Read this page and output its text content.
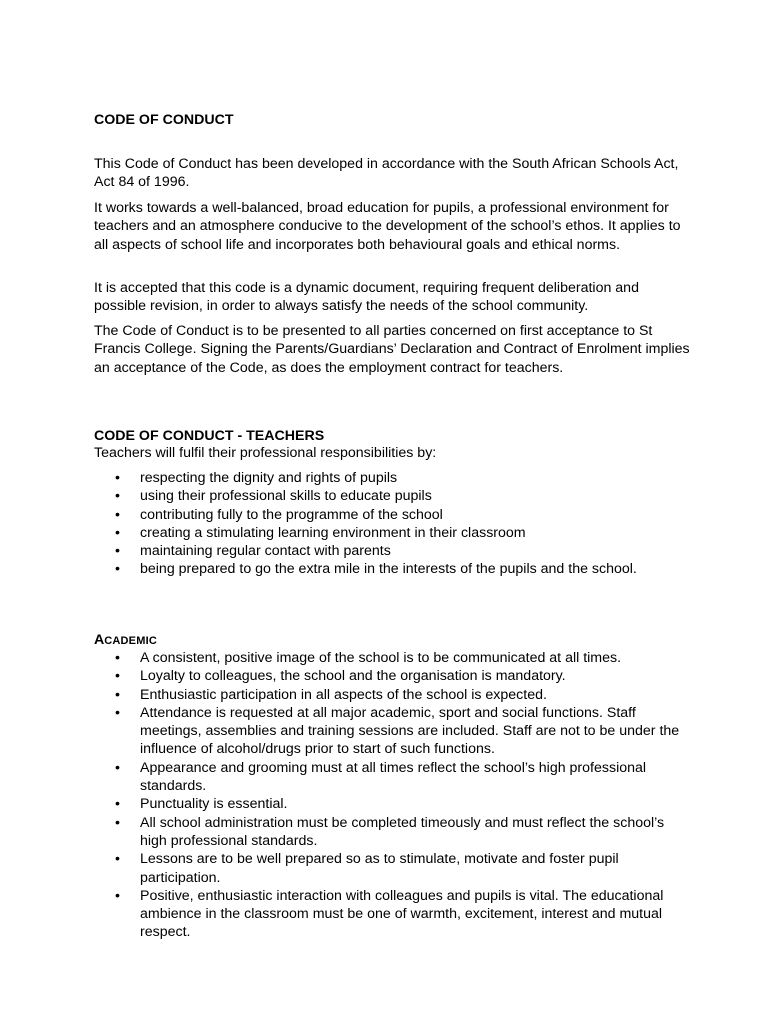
CODE OF CONDUCT

This Code of Conduct has been developed in accordance with the South African Schools Act, Act 84 of 1996.

It works towards a well-balanced, broad education for pupils, a professional environment for teachers and an atmosphere conducive to the development of the school’s ethos. It applies to all aspects of school life and incorporates both behavioural goals and ethical norms.

It is accepted that this code is a dynamic document, requiring frequent deliberation and possible revision, in order to always satisfy the needs of the school community.

The Code of Conduct is to be presented to all parties concerned on first acceptance to St Francis College. Signing the Parents/Guardians’ Declaration and Contract of Enrolment implies an acceptance of the Code, as does the employment contract for teachers.

CODE OF CONDUCT - TEACHERS
Teachers will fulfil their professional responsibilities by:
• respecting the dignity and rights of pupils
• using their professional skills to educate pupils
• contributing fully to the programme of the school
• creating a stimulating learning environment in their classroom
• maintaining regular contact with parents
• being prepared to go the extra mile in the interests of the pupils and the school.
ACADEMIC
• A consistent, positive image of the school is to be communicated at all times.
• Loyalty to colleagues, the school and the organisation is mandatory.
• Enthusiastic participation in all aspects of the school is expected.
• Attendance is requested at all major academic, sport and social functions. Staff meetings, assemblies and training sessions are included. Staff are not to be under the influence of alcohol/drugs prior to start of such functions.
• Appearance and grooming must at all times reflect the school’s high professional standards.
• Punctuality is essential.
• All school administration must be completed timeously and must reflect the school’s high professional standards.
• Lessons are to be well prepared so as to stimulate, motivate and foster pupil participation.
• Positive, enthusiastic interaction with colleagues and pupils is vital. The educational ambience in the classroom must be one of warmth, excitement, interest and mutual respect.
